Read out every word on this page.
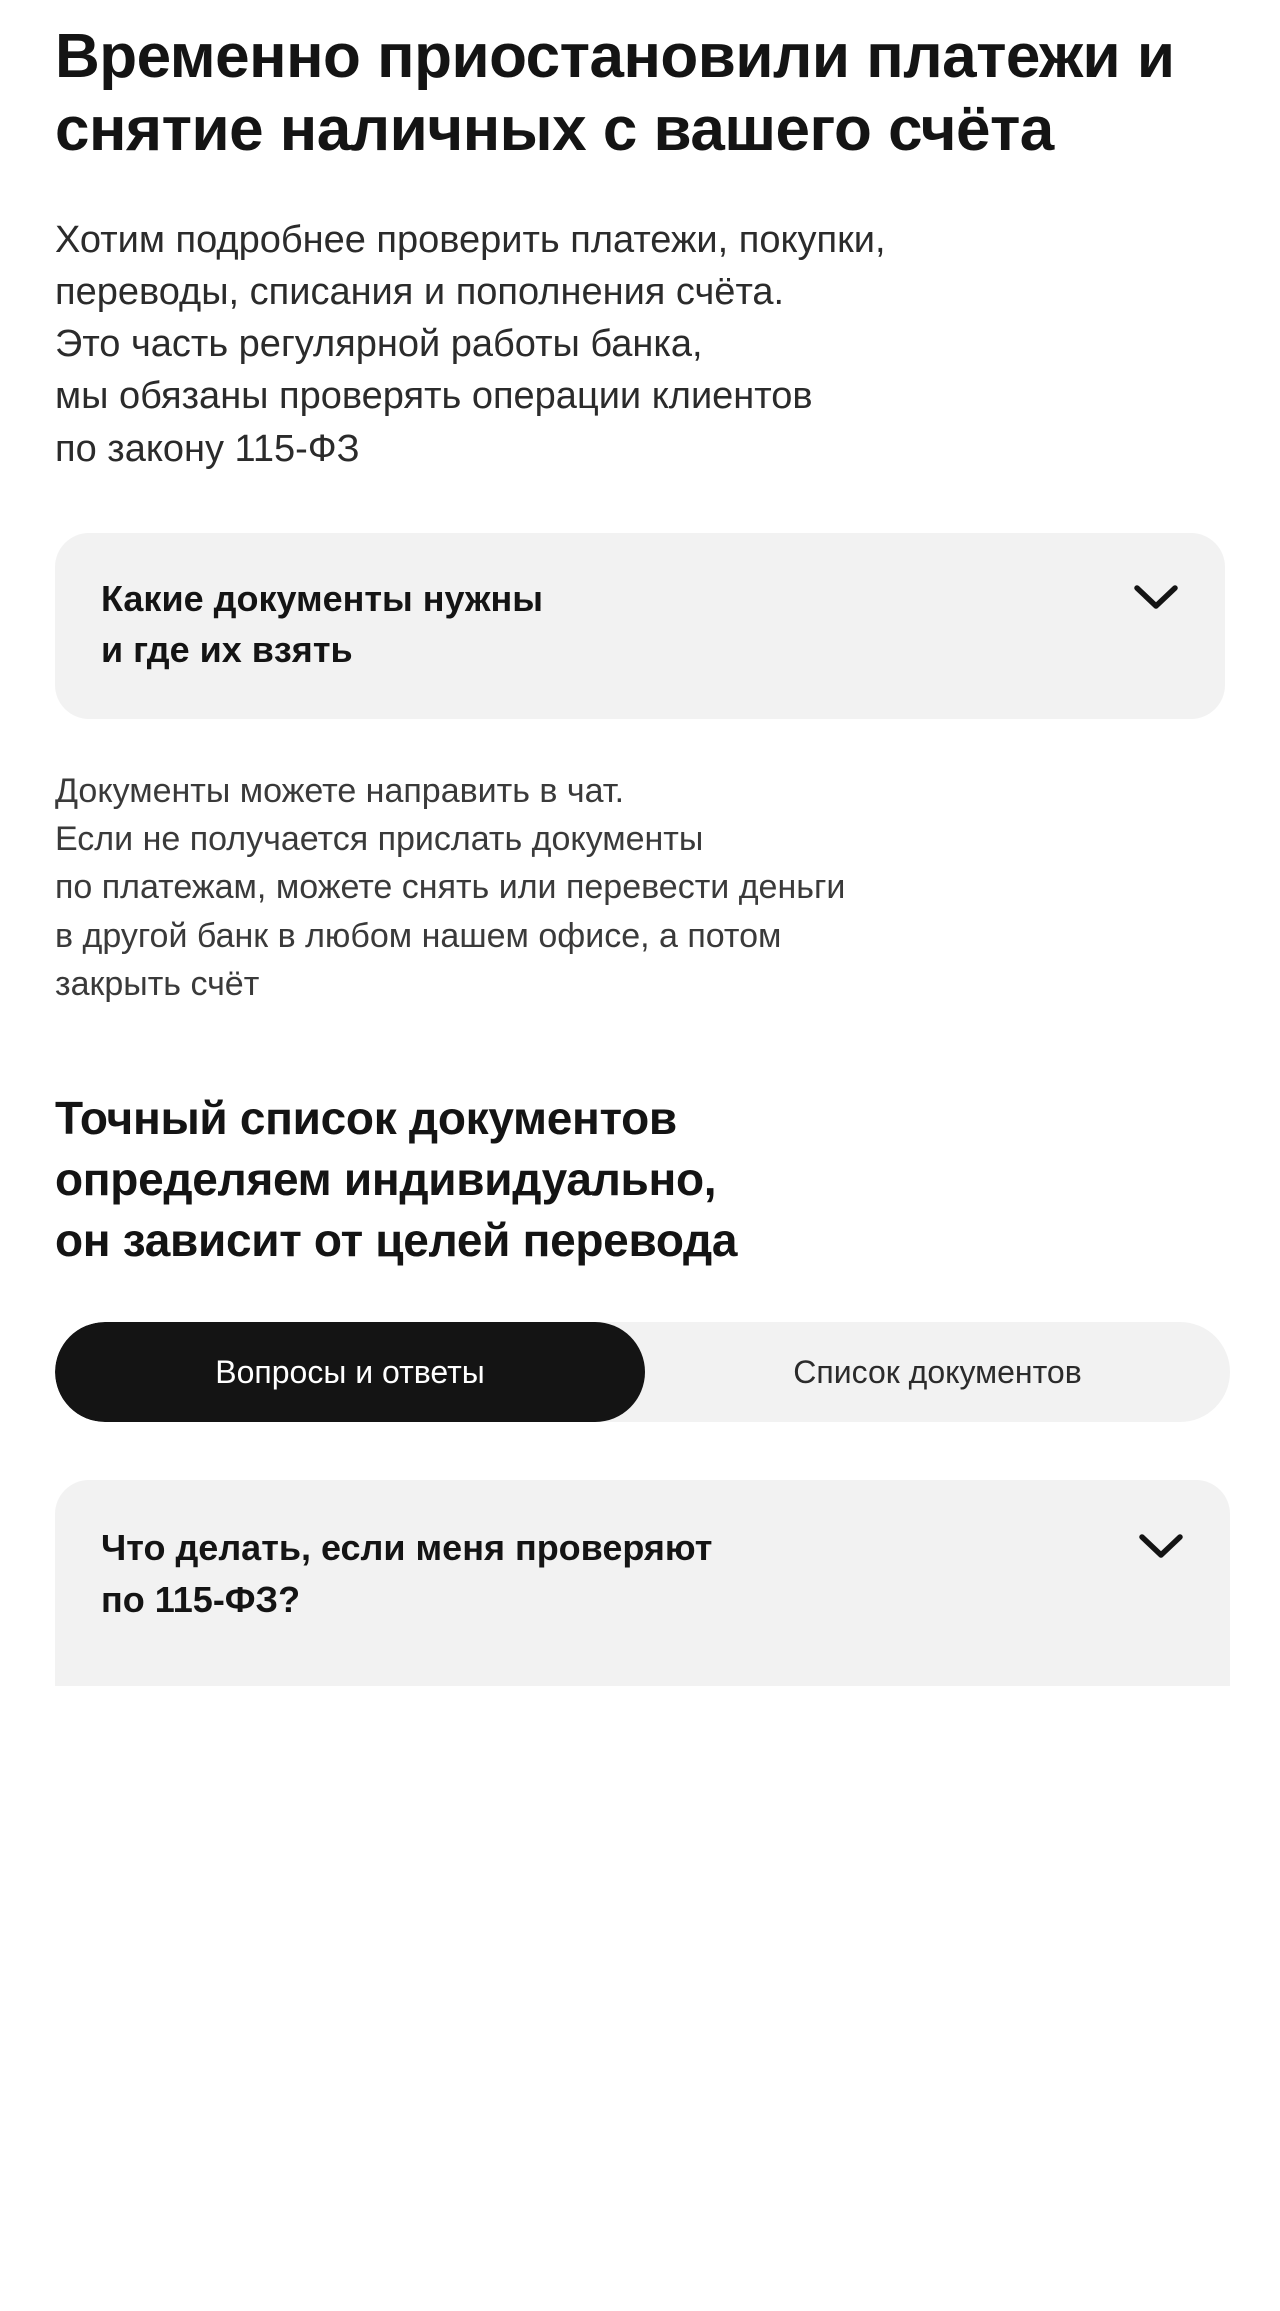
Временно приостановили платежи и снятие наличных с вашего счёта
Хотим подробнее проверить платежи, покупки,
переводы, списания и пополнения счёта.
Это часть регулярной работы банка,
мы обязаны проверять операции клиентов
по закону 115-ФЗ
Какие документы нужны
и где их взять
Документы можете направить в чат.
Если не получается прислать документы
по платежам, можете снять или перевести деньги
в другой банк в любом нашем офисе, а потом
закрыть счёт
Точный список документов
определяем индивидуально,
он зависит от целей перевода
Вопросы и ответы	Список документов
Что делать, если меня проверяют
по 115-ФЗ?
